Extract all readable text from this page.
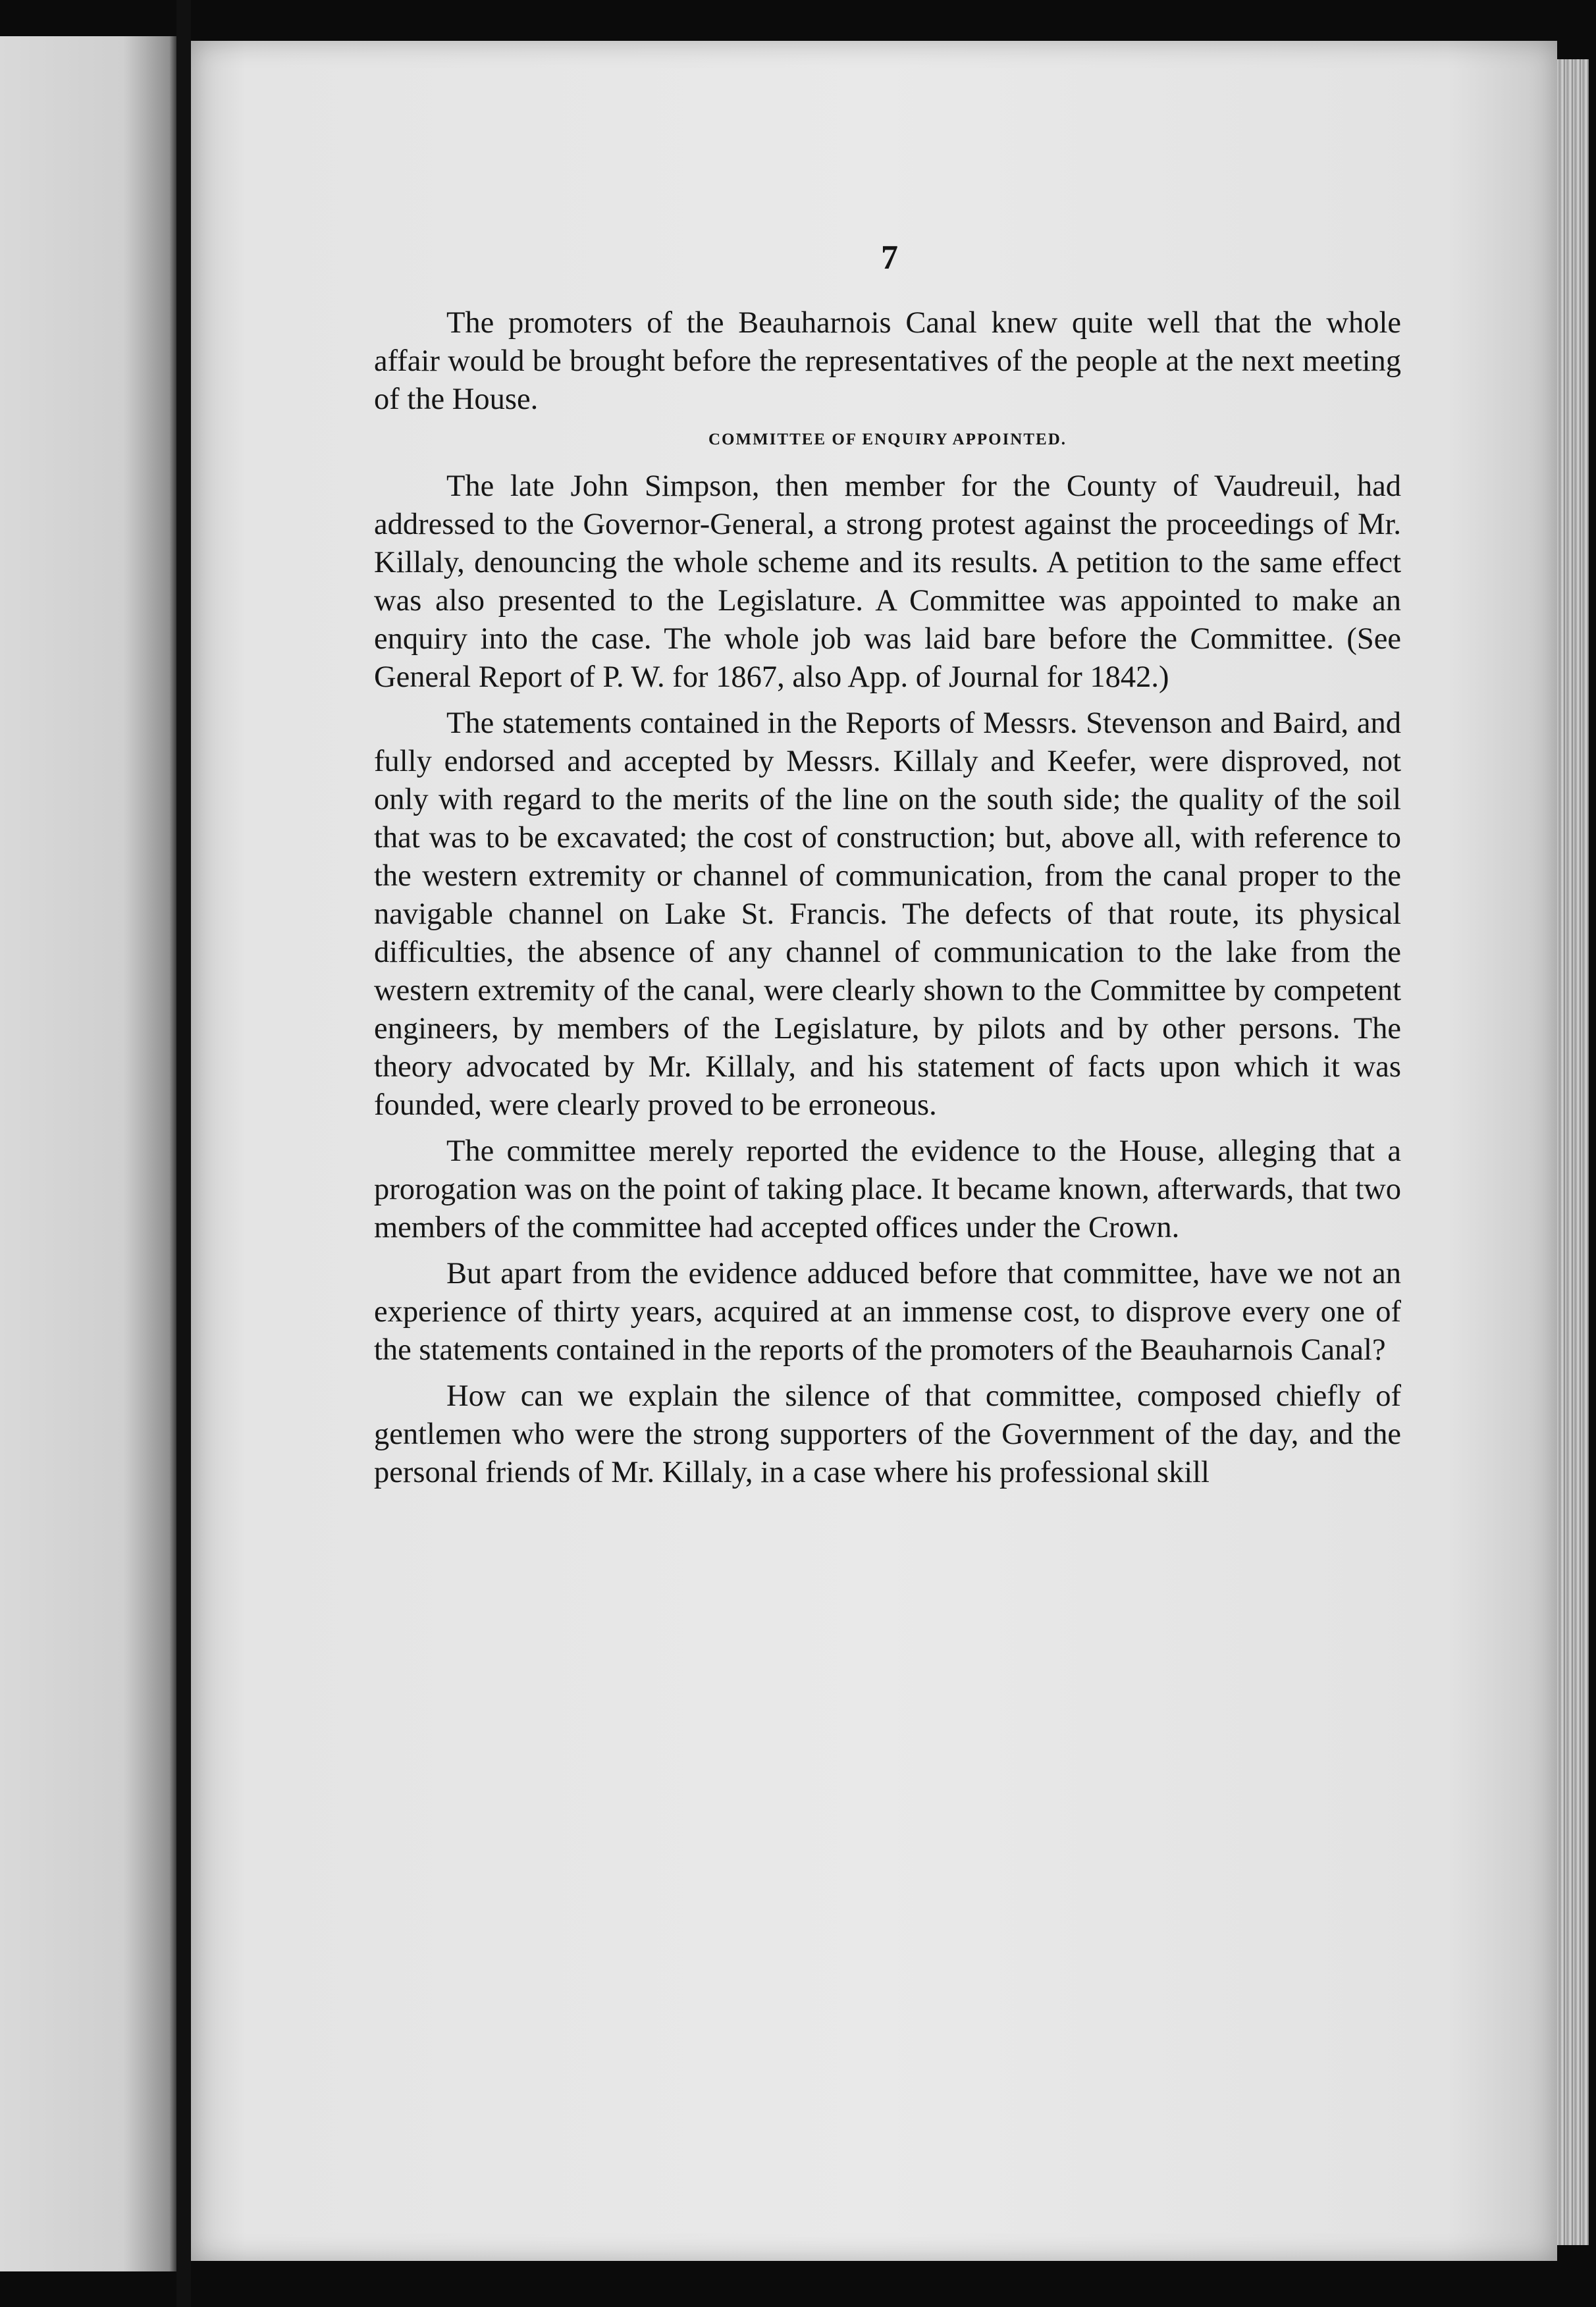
7

The promoters of the Beauharnois Canal knew quite well that the whole affair would be brought before the representatives of the people at the next meeting of the House.

COMMITTEE OF ENQUIRY APPOINTED.

The late John Simpson, then member for the County of Vaudreuil, had addressed to the Governor-General, a strong protest against the proceedings of Mr. Killaly, denouncing the whole scheme and its results. A petition to the same effect was also presented to the Legislature. A Committee was appointed to make an enquiry into the case. The whole job was laid bare before the Committee. (See General Report of P. W. for 1867, also App. of Journal for 1842.)

The statements contained in the Reports of Messrs. Stevenson and Baird, and fully endorsed and accepted by Messrs. Killaly and Keefer, were disproved, not only with regard to the merits of the line on the south side; the quality of the soil that was to be excavated; the cost of construction; but, above all, with reference to the western extremity or channel of communication, from the canal proper to the navigable channel on Lake St. Francis. The defects of that route, its physical difficulties, the absence of any channel of communication to the lake from the western extremity of the canal, were clearly shown to the Committee by competent engineers, by members of the Legislature, by pilots and by other persons. The theory advocated by Mr. Killaly, and his statement of facts upon which it was founded, were clearly proved to be erroneous.

The committee merely reported the evidence to the House, alleging that a prorogation was on the point of taking place. It became known, afterwards, that two members of the committee had accepted offices under the Crown.

But apart from the evidence adduced before that committee, have we not an experience of thirty years, acquired at an immense cost, to disprove every one of the statements contained in the reports of the promoters of the Beauharnois Canal?

How can we explain the silence of that committee, composed chiefly of gentlemen who were the strong supporters of the Government of the day, and the personal friends of Mr. Killaly, in a case where his professional skill
